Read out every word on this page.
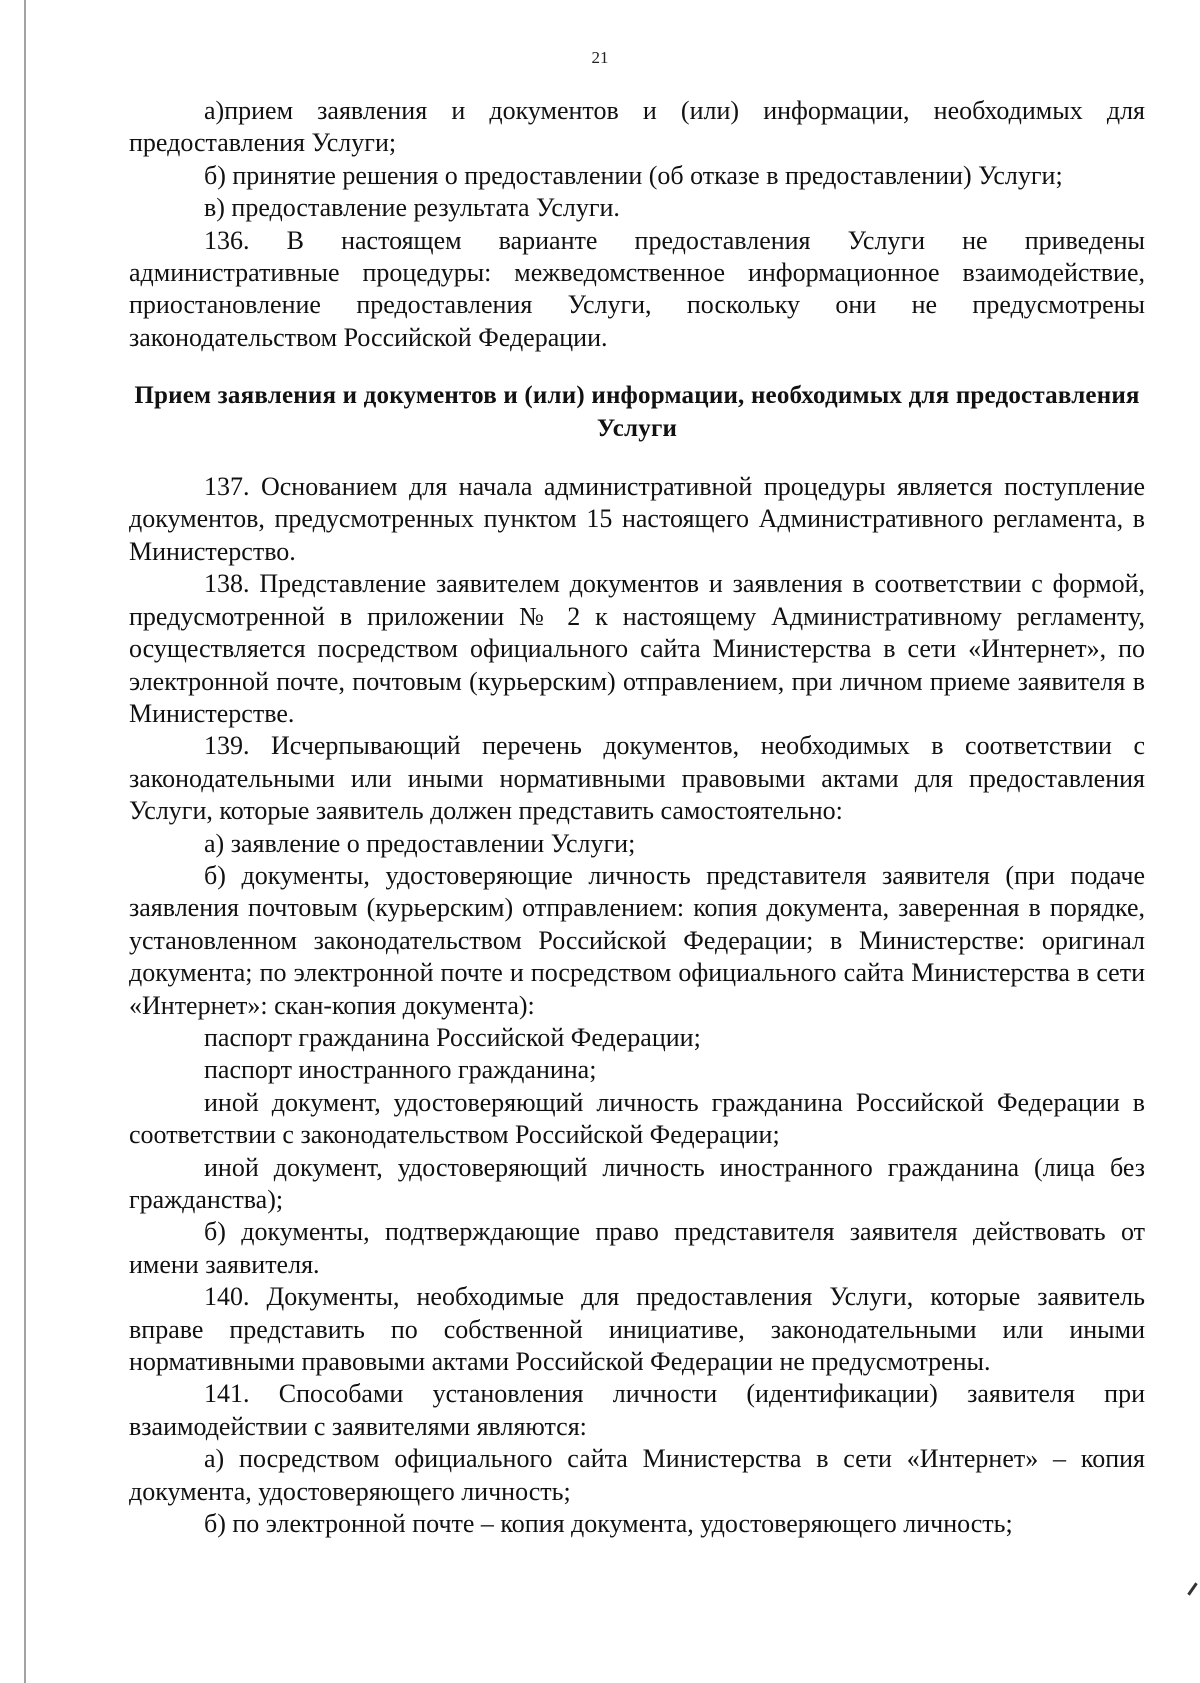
21

а)прием заявления и документов и (или) информации, необходимых для предоставления Услуги;

б) принятие решения о предоставлении (об отказе в предоставлении) Услуги;

в) предоставление результата Услуги.

136. В настоящем варианте предоставления Услуги не приведены административные процедуры: межведомственное информационное взаимодействие, приостановление предоставления Услуги, поскольку они не предусмотрены законодательством Российской Федерации.

Прием заявления и документов и (или) информации, необходимых для предоставления Услуги

137. Основанием для начала административной процедуры является поступление документов, предусмотренных пунктом 15 настоящего Административного регламента, в Министерство.

138. Представление заявителем документов и заявления в соответствии с формой, предусмотренной в приложении № 2 к настоящему Административному регламенту, осуществляется посредством официального сайта Министерства в сети «Интернет», по электронной почте, почтовым (курьерским) отправлением, при личном приеме заявителя в Министерстве.

139. Исчерпывающий перечень документов, необходимых в соответствии с законодательными или иными нормативными правовыми актами для предоставления Услуги, которые заявитель должен представить самостоятельно:

а) заявление о предоставлении Услуги;

б) документы, удостоверяющие личность представителя заявителя (при подаче заявления почтовым (курьерским) отправлением: копия документа, заверенная в порядке, установленном законодательством Российской Федерации; в Министерстве: оригинал документа; по электронной почте и посредством официального сайта Министерства в сети «Интернет»: скан-копия документа):

паспорт гражданина Российской Федерации;

паспорт иностранного гражданина;

иной документ, удостоверяющий личность гражданина Российской Федерации в соответствии с законодательством Российской Федерации;

иной документ, удостоверяющий личность иностранного гражданина (лица без гражданства);

б) документы, подтверждающие право представителя заявителя действовать от имени заявителя.

140. Документы, необходимые для предоставления Услуги, которые заявитель вправе представить по собственной инициативе, законодательными или иными нормативными правовыми актами Российской Федерации не предусмотрены.

141. Способами установления личности (идентификации) заявителя при взаимодействии с заявителями являются:

а) посредством официального сайта Министерства в сети «Интернет» – копия документа, удостоверяющего личность;

б) по электронной почте – копия документа, удостоверяющего личность;
